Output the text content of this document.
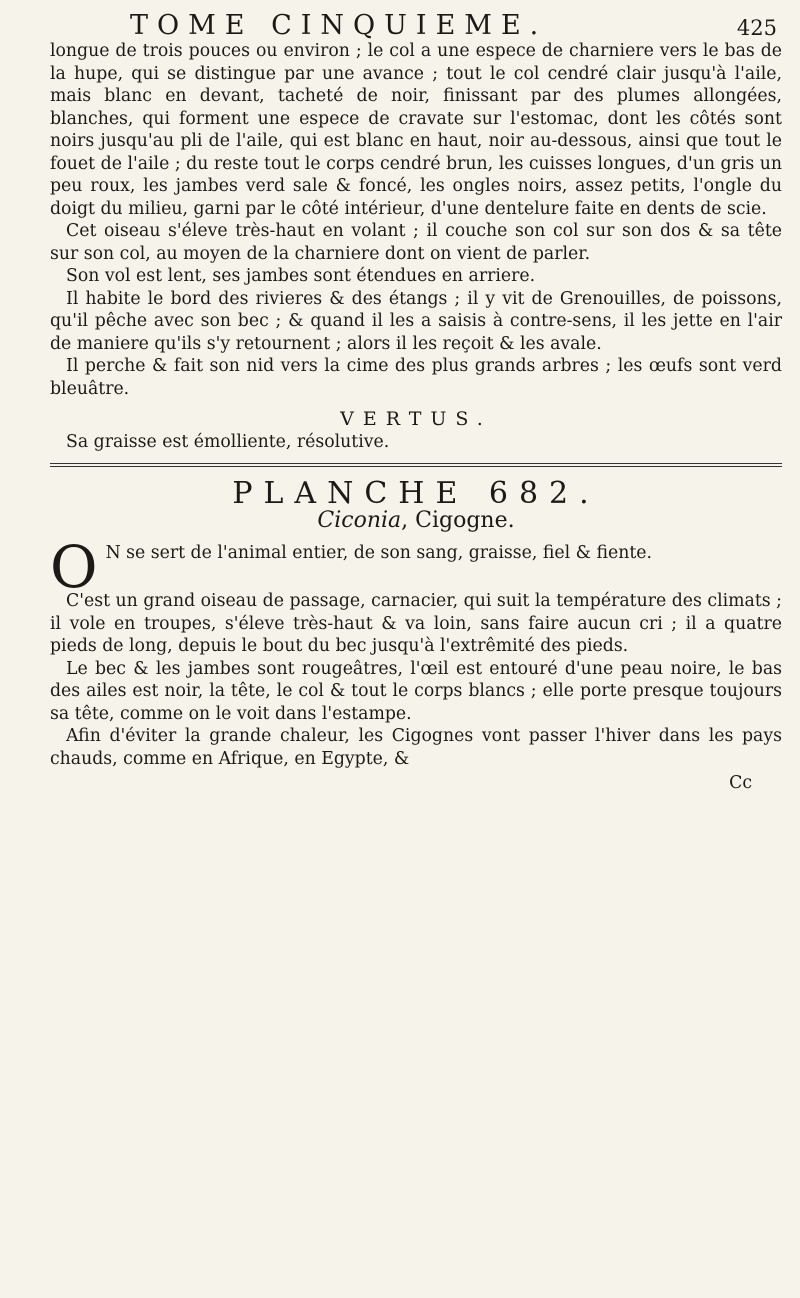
TOME CINQUIEME.	425

longue de trois pouces ou environ ; le col a une espece de charniere vers le bas de la hupe, qui se distingue par une avance ; tout le col cendré clair jusqu'à l'aile, mais blanc en devant, tacheté de noir, finissant par des plumes allongées, blanches, qui forment une espece de cravate sur l'estomac, dont les côtés sont noirs jusqu'au pli de l'aile, qui est blanc en haut, noir au-dessous, ainsi que tout le fouet de l'aile ; du reste tout le corps cendré brun, les cuisses longues, d'un gris un peu roux, les jambes verd sale & foncé, les ongles noirs, assez petits, l'ongle du doigt du milieu, garni par le côté intérieur, d'une dentelure faite en dents de scie.

Cet oiseau s'éleve très-haut en volant ; il couche son col sur son dos & sa tête sur son col, au moyen de la charniere dont on vient de parler.

Son vol est lent, ses jambes sont étendues en arriere.

Il habite le bord des rivieres & des étangs ; il y vit de Grenouilles, de poissons, qu'il pêche avec son bec ; & quand il les a saisis à contre-sens, il les jette en l'air de maniere qu'ils s'y retournent ; alors il les reçoit & les avale.

Il perche & fait son nid vers la cime des plus grands arbres ; les œufs sont verd bleuâtre.

VERTUS.

Sa graisse est émolliente, résolutive.

PLANCHE 682.
Ciconia, Cigogne.

O N se sert de l'animal entier, de son sang, graisse, fiel & fiente.

C'est un grand oiseau de passage, carnacier, qui suit la température des climats ; il vole en troupes, s'éleve très-haut & va loin, sans faire aucun cri ; il a quatre pieds de long, depuis le bout du bec jusqu'à l'extrêmité des pieds.

Le bec & les jambes sont rougeâtres, l'œil est entouré d'une peau noire, le bas des ailes est noir, la tête, le col & tout le corps blancs ; elle porte presque toujours sa tête, comme on le voit dans l'estampe.

Afin d'éviter la grande chaleur, les Cigognes vont passer l'hiver dans les pays chauds, comme en Afrique, en Egypte, &

Cc
